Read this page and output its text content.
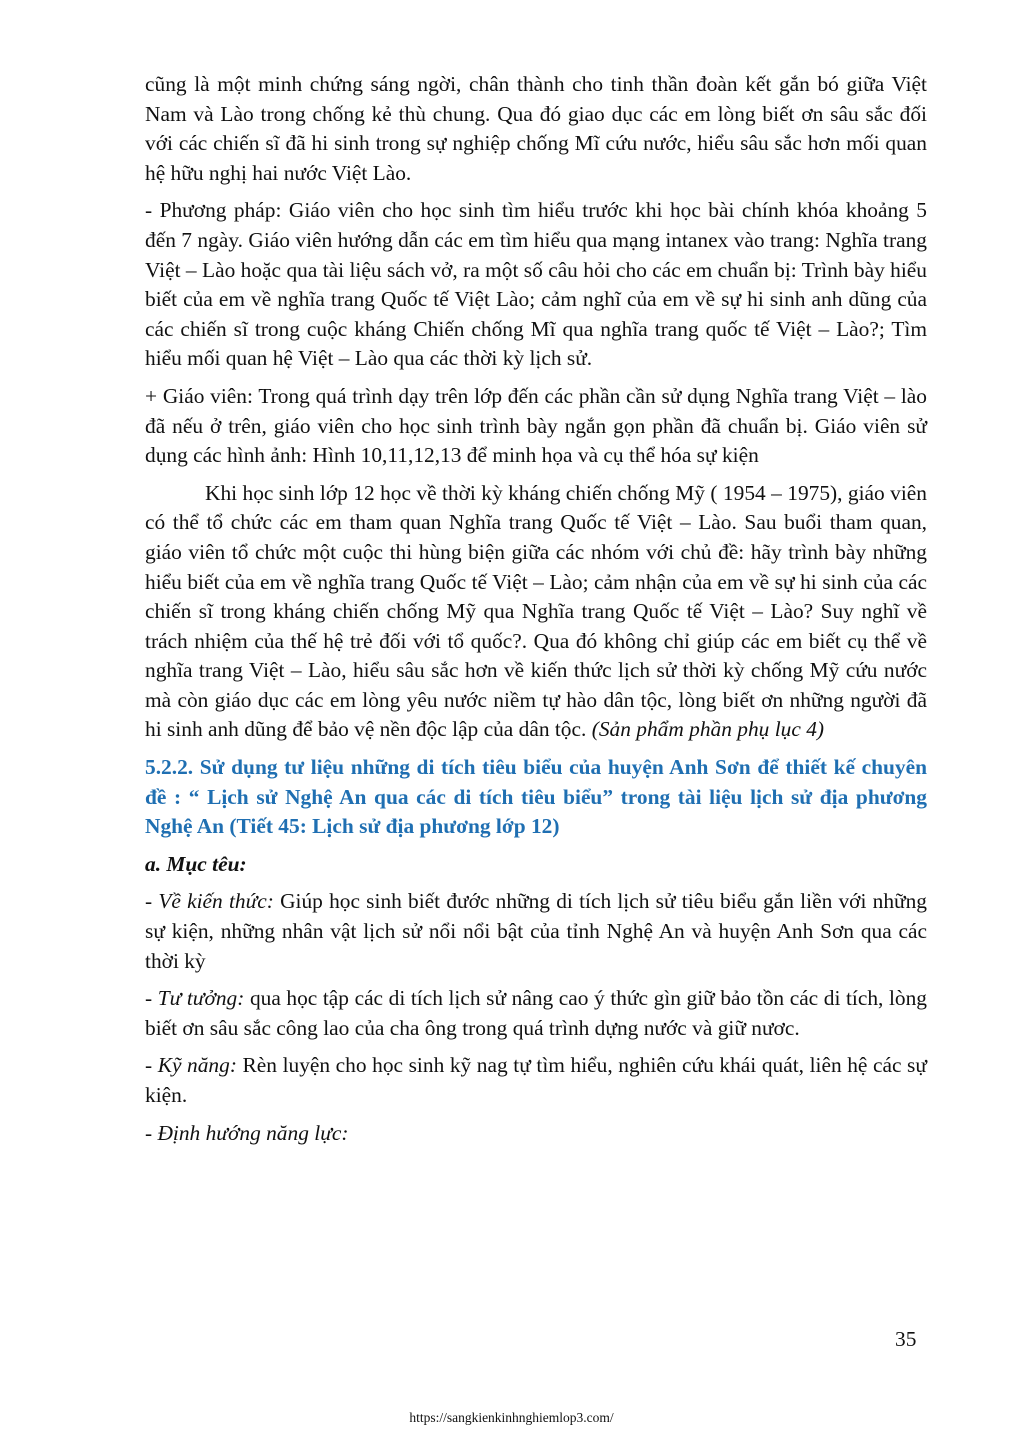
cũng là một minh chứng sáng ngời, chân thành cho tinh thần đoàn kết gắn bó giữa Việt Nam và Lào trong chống kẻ thù chung. Qua đó giao dục các em lòng biết ơn sâu sắc đối với các chiến sĩ đã hi sinh trong sự nghiệp chống Mĩ cứu nước, hiểu sâu sắc hơn mối quan hệ hữu nghị hai nước Việt Lào.

- Phương pháp: Giáo viên cho học sinh tìm hiểu trước khi học bài chính khóa khoảng 5 đến 7 ngày. Giáo viên hướng dẫn các em tìm hiểu qua mạng intanex vào trang: Nghĩa trang Việt – Lào hoặc qua tài liệu sách vở, ra một số câu hỏi cho các em chuẩn bị: Trình bày hiểu biết của em về nghĩa trang Quốc tế Việt Lào; cảm nghĩ của em về sự hi sinh anh dũng của các chiến sĩ trong cuộc kháng Chiến chống Mĩ qua nghĩa trang quốc tế Việt – Lào?; Tìm hiểu mối quan hệ Việt – Lào qua các thời kỳ lịch sử.

+ Giáo viên: Trong quá trình dạy trên lớp đến các phần cần sử dụng Nghĩa trang Việt – lào đã nếu ở trên, giáo viên cho học sinh trình bày ngắn gọn phần đã chuẩn bị. Giáo viên sử dụng các hình ảnh: Hình 10,11,12,13 để minh họa và cụ thể hóa sự kiện

Khi học sinh lớp 12 học về thời kỳ kháng chiến chống Mỹ ( 1954 – 1975), giáo viên có thể tổ chức các em tham quan Nghĩa trang Quốc tế Việt – Lào. Sau buổi tham quan, giáo viên tổ chức một cuộc thi hùng biện giữa các nhóm với chủ đề: hãy trình bày những hiểu biết của em về nghĩa trang Quốc tế Việt – Lào; cảm nhận của em về sự hi sinh của các chiến sĩ trong kháng chiến chống Mỹ qua Nghĩa trang Quốc tế Việt – Lào? Suy nghĩ về trách nhiệm của thế hệ trẻ đối với tổ quốc?. Qua đó không chỉ giúp các em biết cụ thể về nghĩa trang Việt – Lào, hiểu sâu sắc hơn về kiến thức lịch sử thời kỳ chống Mỹ cứu nước mà còn giáo dục các em lòng yêu nước niềm tự hào dân tộc, lòng biết ơn những người đã hi sinh anh dũng để bảo vệ nền độc lập của dân tộc. (Sản phẩm phần phụ lục 4)

5.2.2. Sử dụng tư liệu những di tích tiêu biểu của huyện Anh Sơn để thiết kế chuyên đề : “ Lịch sử Nghệ An qua các di tích tiêu biểu” trong tài liệu lịch sử địa phương Nghệ An (Tiết 45: Lịch sử địa phương lớp 12)

a. Mục têu:

- Về kiến thức: Giúp học sinh biết đước những di tích lịch sử tiêu biểu gắn liền với những sự kiện, những nhân vật lịch sử nổi nổi bật của tỉnh Nghệ An và huyện Anh Sơn qua các thời kỳ

- Tư tưởng: qua học tập các di tích lịch sử nâng cao ý thức gìn giữ bảo tồn các di tích, lòng biết ơn sâu sắc công lao của cha ông trong quá trình dựng nước và giữ nươc.

- Kỹ năng: Rèn luyện cho học sinh kỹ nag tự tìm hiểu, nghiên cứu khái quát, liên hệ các sự kiện.

- Định hướng năng lực:

35
https://sangkienkinhnghiemlop3.com/
